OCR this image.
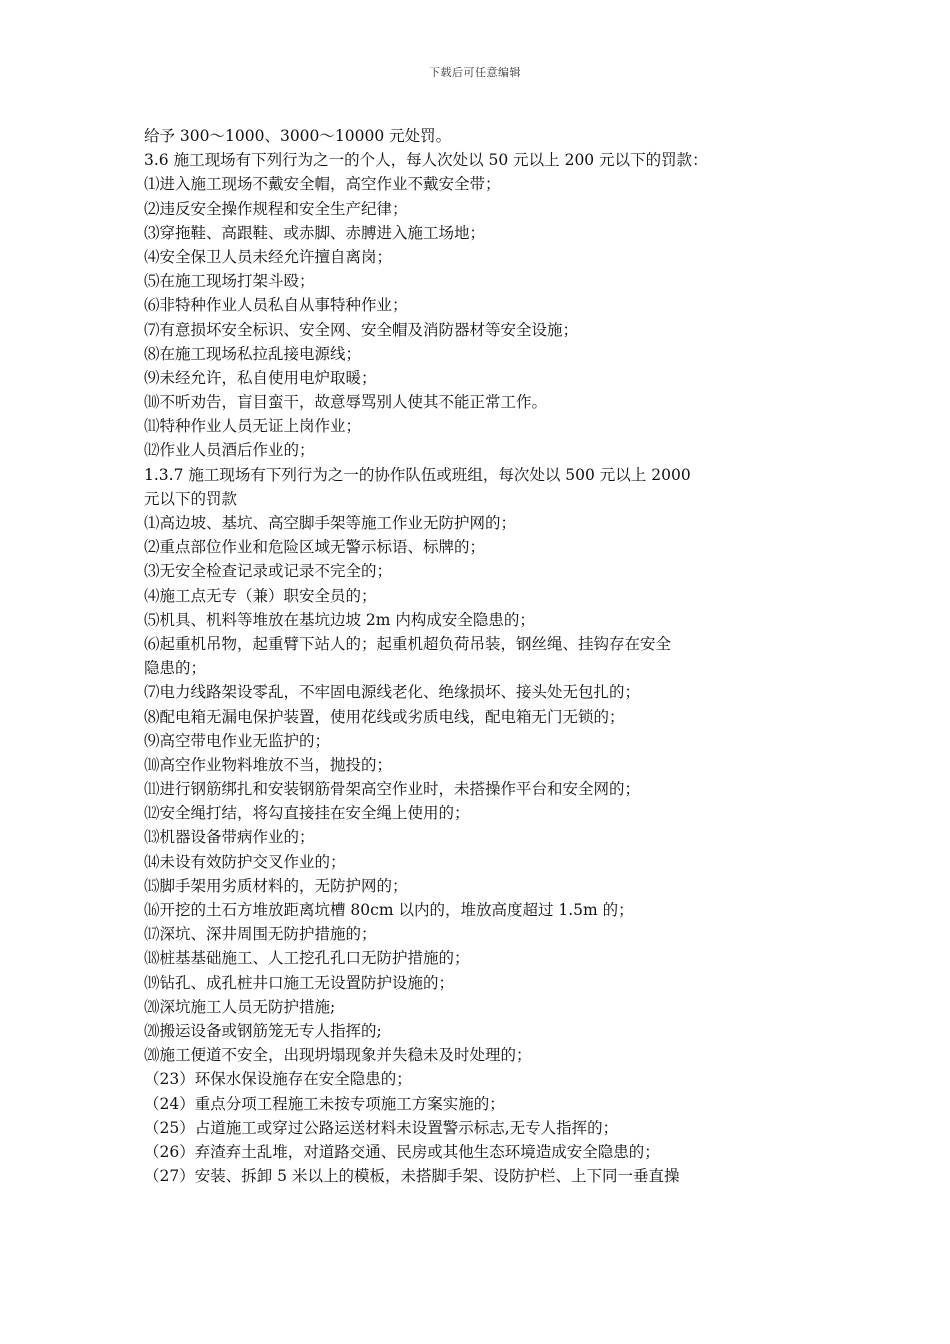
下载后可任意编辑
给予 300～1000、3000～10000 元处罚。
3.6 施工现场有下列行为之一的个人，每人次处以 50 元以上 200 元以下的罚款：
⑴进入施工现场不戴安全帽，高空作业不戴安全带；
⑵违反安全操作规程和安全生产纪律；
⑶穿拖鞋、高跟鞋、或赤脚、赤膊进入施工场地；
⑷安全保卫人员未经允许擅自离岗；
⑸在施工现场打架斗殴；
⑹非特种作业人员私自从事特种作业；
⑺有意损坏安全标识、安全网、安全帽及消防器材等安全设施；
⑻在施工现场私拉乱接电源线；
⑼未经允许，私自使用电炉取暖；
⑽不听劝告，盲目蛮干，故意辱骂别人使其不能正常工作。
⑾特种作业人员无证上岗作业；
⑿作业人员酒后作业的；
1.3.7 施工现场有下列行为之一的协作队伍或班组，每次处以 500 元以上 2000
元以下的罚款
⑴高边坡、基坑、高空脚手架等施工作业无防护网的；
⑵重点部位作业和危险区域无警示标语、标牌的；
⑶无安全检查记录或记录不完全的；
⑷施工点无专（兼）职安全员的；
⑸机具、机料等堆放在基坑边坡 2m 内构成安全隐患的；
⑹起重机吊物，起重臂下站人的；起重机超负荷吊装，钢丝绳、挂钩存在安全
隐患的；
⑺电力线路架设零乱，不牢固电源线老化、绝缘损坏、接头处无包扎的；
⑻配电箱无漏电保护装置，使用花线或劣质电线，配电箱无门无锁的；
⑼高空带电作业无监护的；
⑽高空作业物料堆放不当，抛投的；
⑾进行钢筋绑扎和安装钢筋骨架高空作业时，未搭操作平台和安全网的；
⑿安全绳打结，将勾直接挂在安全绳上使用的；
⒀机器设备带病作业的；
⒁未设有效防护交叉作业的；
⒂脚手架用劣质材料的，无防护网的；
⒃开挖的土石方堆放距离坑槽 80cm 以内的，堆放高度超过 1.5m 的；
⒄深坑、深井周围无防护措施的；
⒅桩基基础施工、人工挖孔孔口无防护措施的；
⒆钻孔、成孔桩井口施工无设置防护设施的；
⒇深坑施工人员无防护措施;
⒇搬运设备或钢筋笼无专人指挥的;
⒇施工便道不安全，出现坍塌现象并失稳未及时处理的；
（23）环保水保设施存在安全隐患的；
（24）重点分项工程施工未按专项施工方案实施的；
（25）占道施工或穿过公路运送材料未设置警示标志,无专人指挥的；
（26）弃渣弃土乱堆，对道路交通、民房或其他生态环境造成安全隐患的；
（27）安装、拆卸 5 米以上的模板，未搭脚手架、设防护栏、上下同一垂直操
